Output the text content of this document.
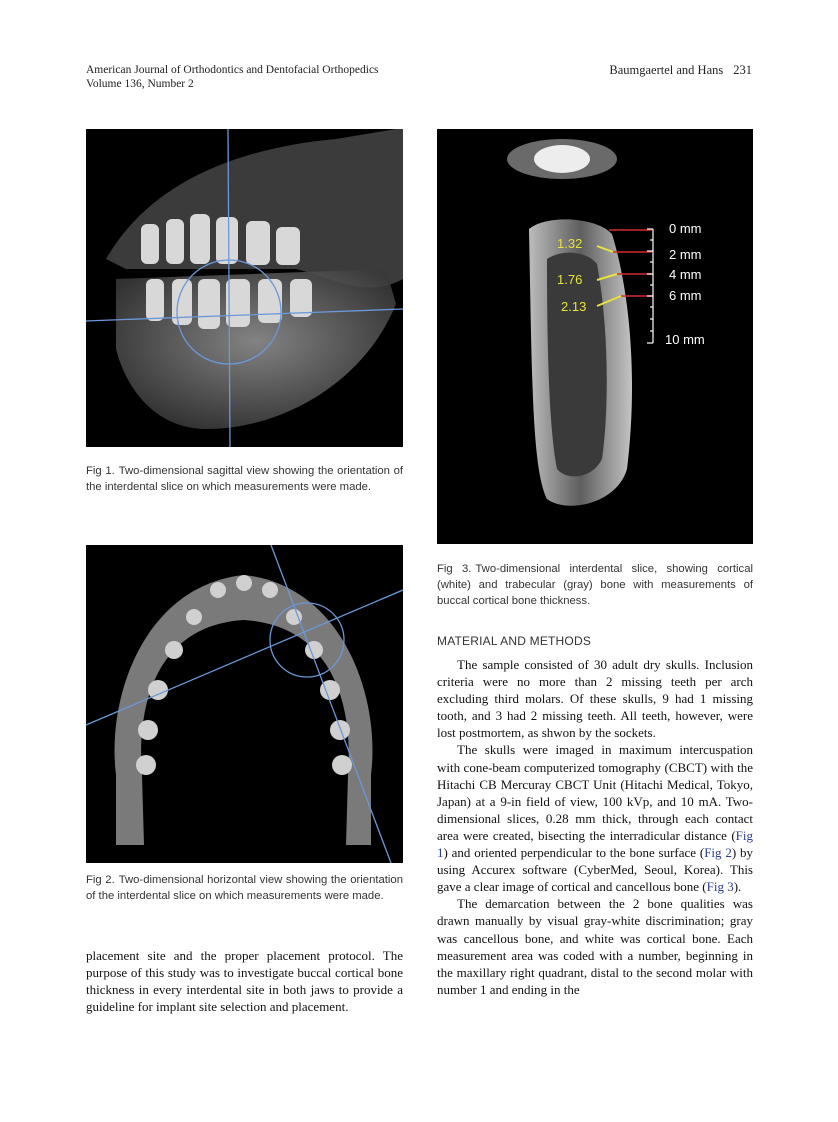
American Journal of Orthodontics and Dentofacial Orthopedics
Volume 136, Number 2
Baumgaertel and Hans 231
Fig 1. Two-dimensional sagittal view showing the orientation of the interdental slice on which measurements were made.
Fig 2. Two-dimensional horizontal view showing the orientation of the interdental slice on which measurements were made.
1.32
1.76
2.13
0 mm
2 mm
4 mm
6 mm
10 mm
Fig 3. Two-dimensional interdental slice, showing cortical (white) and trabecular (gray) bone with measurements of buccal cortical bone thickness.
MATERIAL AND METHODS

The sample consisted of 30 adult dry skulls. Inclusion criteria were no more than 2 missing teeth per arch excluding third molars. Of these skulls, 9 had 1 missing tooth, and 3 had 2 missing teeth. All teeth, however, were lost postmortem, as shwon by the sockets.

The skulls were imaged in maximum intercuspation with cone-beam computerized tomography (CBCT) with the Hitachi CB Mercuray CBCT Unit (Hitachi Medical, Tokyo, Japan) at a 9-in field of view, 100 kVp, and 10 mA. Two-dimensional slices, 0.28 mm thick, through each contact area were created, bisecting the interradicular distance (Fig 1) and oriented perpendicular to the bone surface (Fig 2) by using Accurex software (CyberMed, Seoul, Korea). This gave a clear image of cortical and cancellous bone (Fig 3).

The demarcation between the 2 bone qualities was drawn manually by visual gray-white discrimination; gray was cancellous bone, and white was cortical bone. Each measurement area was coded with a number, beginning in the maxillary right quadrant, distal to the second molar with number 1 and ending in the

placement site and the proper placement protocol. The purpose of this study was to investigate buccal cortical bone thickness in every interdental site in both jaws to provide a guideline for implant site selection and placement.
